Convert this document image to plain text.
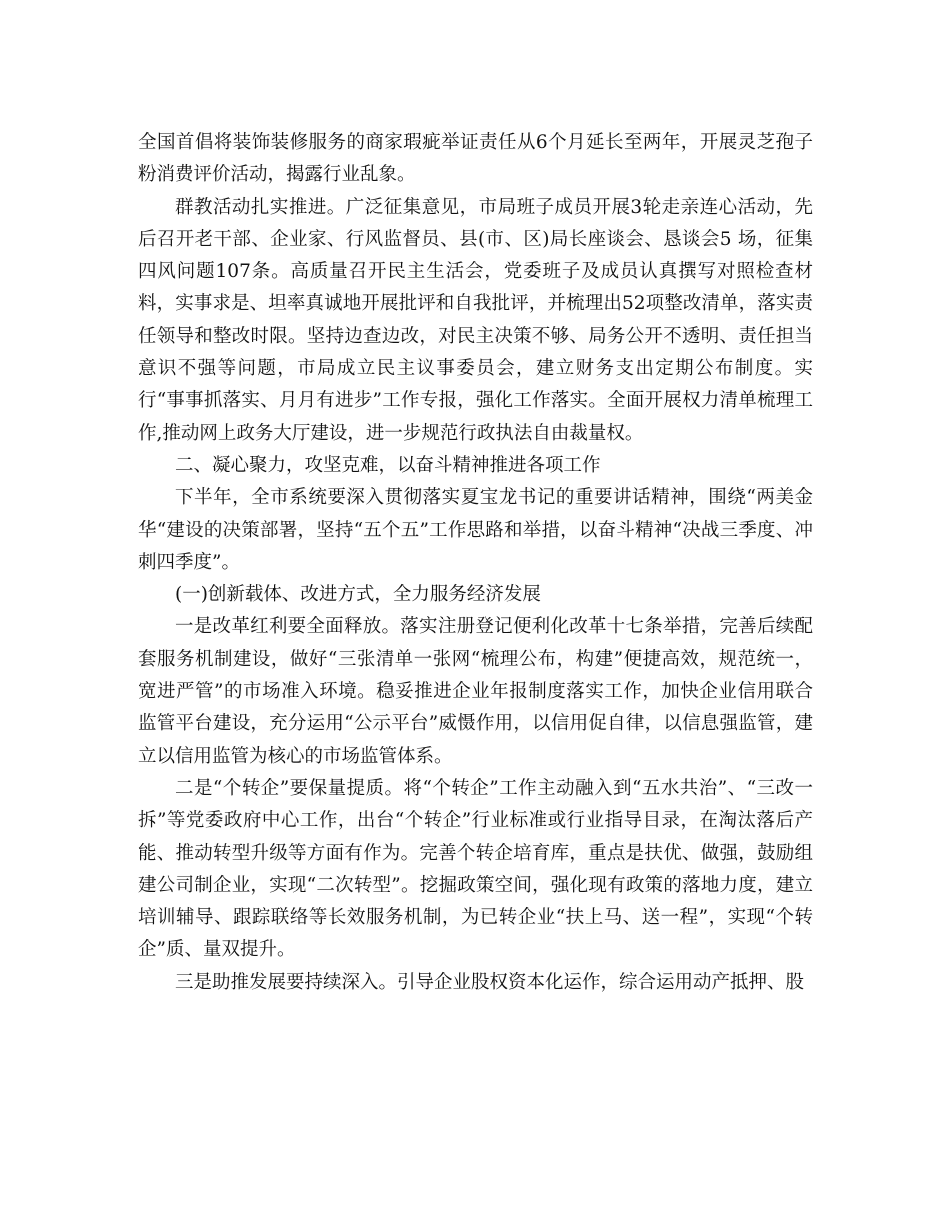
全国首倡将装饰装修服务的商家瑕疵举证责任从6个月延长至两年，开展灵芝孢子粉消费评价活动，揭露行业乱象。

群教活动扎实推进。广泛征集意见，市局班子成员开展3轮走亲连心活动，先后召开老干部、企业家、行风监督员、县(市、区)局长座谈会、恳谈会5 场，征集四风问题107条。高质量召开民主生活会，党委班子及成员认真撰写对照检查材料，实事求是、坦率真诚地开展批评和自我批评，并梳理出52项整改清单，落实责任领导和整改时限。坚持边查边改，对民主决策不够、局务公开不透明、责任担当意识不强等问题，市局成立民主议事委员会，建立财务支出定期公布制度。实行“事事抓落实、月月有进步”工作专报，强化工作落实。全面开展权力清单梳理工作,推动网上政务大厅建设，进一步规范行政执法自由裁量权。

二、凝心聚力，攻坚克难，以奋斗精神推进各项工作

下半年，全市系统要深入贯彻落实夏宝龙书记的重要讲话精神，围绕“两美金华“建设的决策部署，坚持“五个五”工作思路和举措，以奋斗精神“决战三季度、冲刺四季度”。

(一)创新载体、改进方式，全力服务经济发展

一是改革红利要全面释放。落实注册登记便利化改革十七条举措，完善后续配套服务机制建设，做好“三张清单一张网“梳理公布，构建”便捷高效，规范统一，宽进严管”的市场准入环境。稳妥推进企业年报制度落实工作，加快企业信用联合监管平台建设，充分运用“公示平台”威慑作用，以信用促自律，以信息强监管，建立以信用监管为核心的市场监管体系。

二是“个转企”要保量提质。将“个转企”工作主动融入到“五水共治”、“三改一拆”等党委政府中心工作，出台“个转企”行业标准或行业指导目录，在淘汰落后产能、推动转型升级等方面有作为。完善个转企培育库，重点是扶优、做强，鼓励组建公司制企业，实现“二次转型”。挖掘政策空间，强化现有政策的落地力度，建立培训辅导、跟踪联络等长效服务机制，为已转企业“扶上马、送一程”，实现“个转企”质、量双提升。

三是助推发展要持续深入。引导企业股权资本化运作，综合运用动产抵押、股
